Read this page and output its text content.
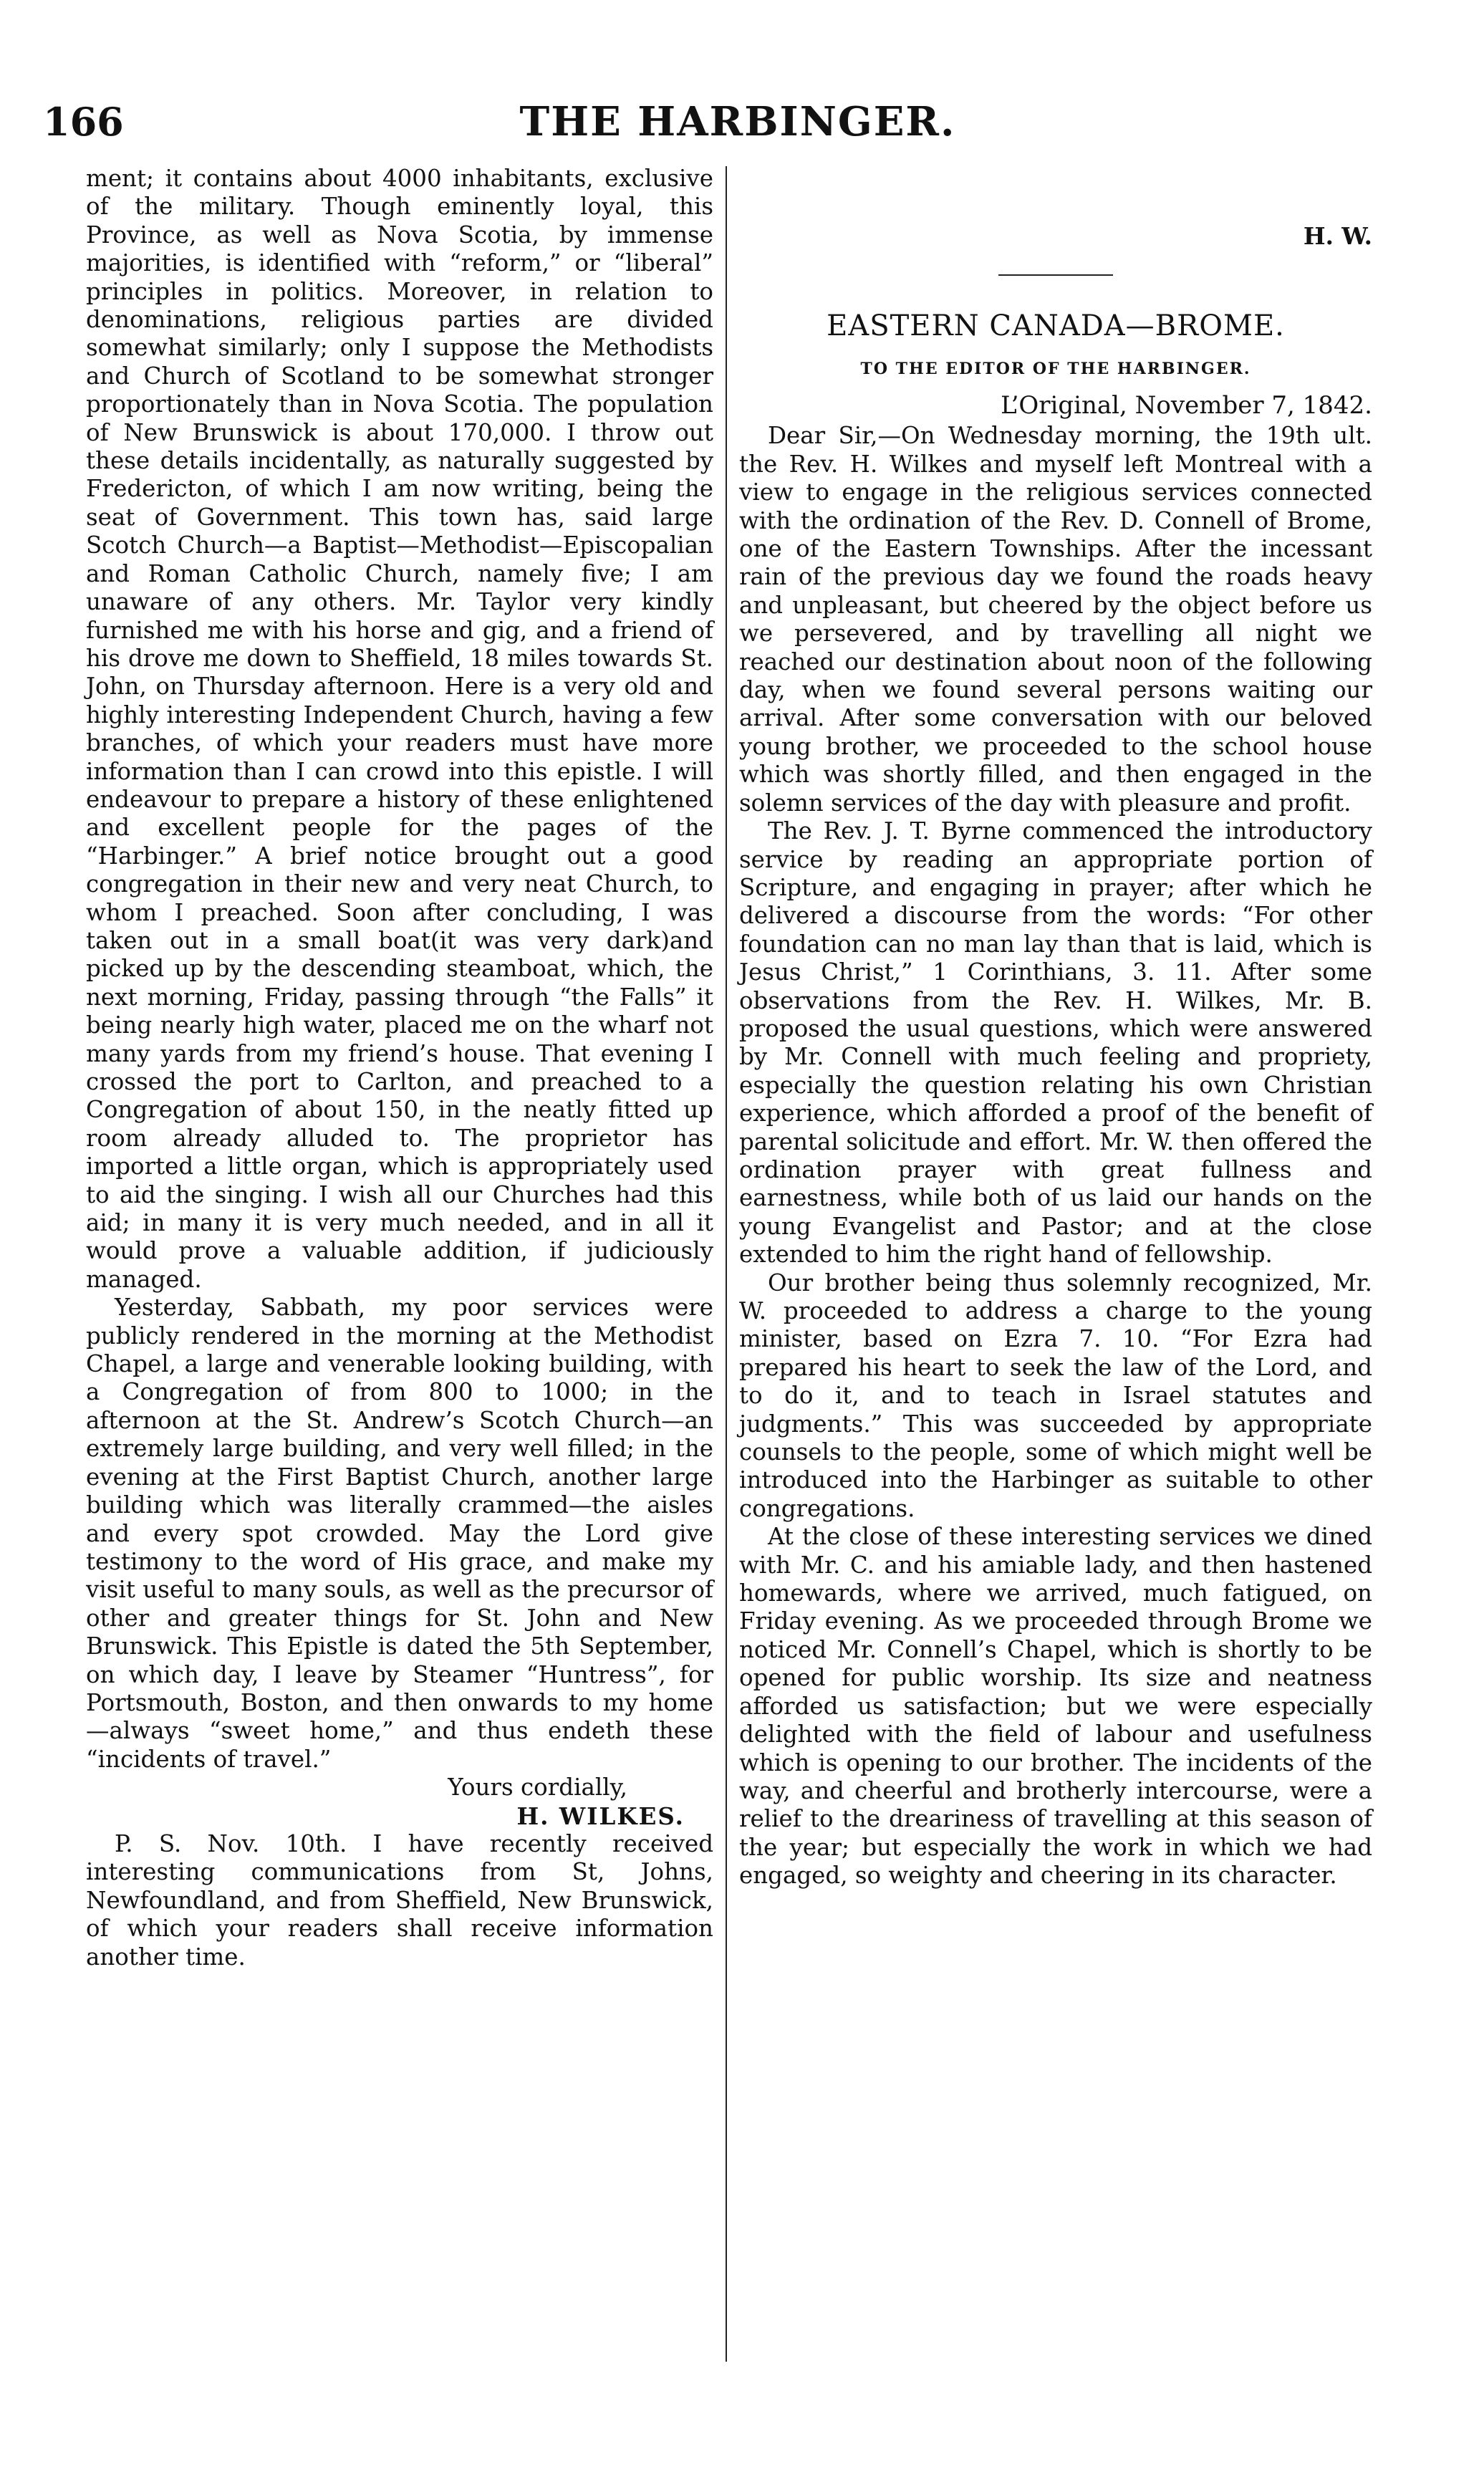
166	THE HARBINGER.

ment; it contains about 4000 inhabitants, exclusive of the military. Though eminently loyal, this Province, as well as Nova Scotia, by immense majorities, is identified with “reform,” or “liberal” principles in politics. Moreover, in relation to denominations, religious parties are divided somewhat similarly; only I suppose the Methodists and Church of Scotland to be somewhat stronger proportionately than in Nova Scotia. The population of New Brunswick is about 170,000. I throw out these details incidentally, as naturally suggested by Fredericton, of which I am now writing, being the seat of Government. This town has, said large Scotch Church—a Baptist—Methodist—Episcopalian and Roman Catholic Church, namely five; I am unaware of any others. Mr. Taylor very kindly furnished me with his horse and gig, and a friend of his drove me down to Sheffield, 18 miles towards St. John, on Thursday afternoon. Here is a very old and highly interesting Independent Church, having a few branches, of which your readers must have more information than I can crowd into this epistle. I will endeavour to prepare a history of these enlightened and excellent people for the pages of the “Harbinger.” A brief notice brought out a good congregation in their new and very neat Church, to whom I preached. Soon after concluding, I was taken out in a small boat(it was very dark)and picked up by the descending steamboat, which, the next morning, Friday, passing through “the Falls” it being nearly high water, placed me on the wharf not many yards from my friend’s house. That evening I crossed the port to Carlton, and preached to a Congregation of about 150, in the neatly fitted up room already alluded to. The proprietor has imported a little organ, which is appropriately used to aid the singing. I wish all our Churches had this aid; in many it is very much needed, and in all it would prove a valuable addition, if judiciously managed.

Yesterday, Sabbath, my poor services were publicly rendered in the morning at the Methodist Chapel, a large and venerable looking building, with a Congregation of from 800 to 1000; in the afternoon at the St. Andrew’s Scotch Church—an extremely large building, and very well filled; in the evening at the First Baptist Church, another large building which was literally crammed—the aisles and every spot crowded. May the Lord give testimony to the word of His grace, and make my visit useful to many souls, as well as the precursor of other and greater things for St. John and New Brunswick. This Epistle is dated the 5th September, on which day, I leave by Steamer “Huntress”, for Portsmouth, Boston, and then onwards to my home—always “sweet home,” and thus endeth these “incidents of travel.”

Yours cordially,

H. WILKES.

P. S. Nov. 10th. I have recently received interesting communications from St, Johns, Newfoundland, and from Sheffield, New Brunswick, of which your readers shall receive information another time.

H. W.

EASTERN CANADA—BROME.

TO THE EDITOR OF THE HARBINGER.

L’Original, November 7, 1842.

Dear Sir,—On Wednesday morning, the 19th ult. the Rev. H. Wilkes and myself left Montreal with a view to engage in the religious services connected with the ordination of the Rev. D. Connell of Brome, one of the Eastern Townships. After the incessant rain of the previous day we found the roads heavy and unpleasant, but cheered by the object before us we persevered, and by travelling all night we reached our destination about noon of the following day, when we found several persons waiting our arrival. After some conversation with our beloved young brother, we proceeded to the school house which was shortly filled, and then engaged in the solemn services of the day with pleasure and profit.

The Rev. J. T. Byrne commenced the introductory service by reading an appropriate portion of Scripture, and engaging in prayer; after which he delivered a discourse from the words: “For other foundation can no man lay than that is laid, which is Jesus Christ,” 1 Corinthians, 3. 11. After some observations from the Rev. H. Wilkes, Mr. B. proposed the usual questions, which were answered by Mr. Connell with much feeling and propriety, especially the question relating his own Christian experience, which afforded a proof of the benefit of parental solicitude and effort. Mr. W. then offered the ordination prayer with great fullness and earnestness, while both of us laid our hands on the young Evangelist and Pastor; and at the close extended to him the right hand of fellowship.

Our brother being thus solemnly recognized, Mr. W. proceeded to address a charge to the young minister, based on Ezra 7. 10. “For Ezra had prepared his heart to seek the law of the Lord, and to do it, and to teach in Israel statutes and judgments.” This was succeeded by appropriate counsels to the people, some of which might well be introduced into the Harbinger as suitable to other congregations.

At the close of these interesting services we dined with Mr. C. and his amiable lady, and then hastened homewards, where we arrived, much fatigued, on Friday evening. As we proceeded through Brome we noticed Mr. Connell’s Chapel, which is shortly to be opened for public worship. Its size and neatness afforded us satisfaction; but we were especially delighted with the field of labour and usefulness which is opening to our brother. The incidents of the way, and cheerful and brotherly intercourse, were a relief to the dreariness of travelling at this season of the year; but especially the work in which we had engaged, so weighty and cheering in its character.
